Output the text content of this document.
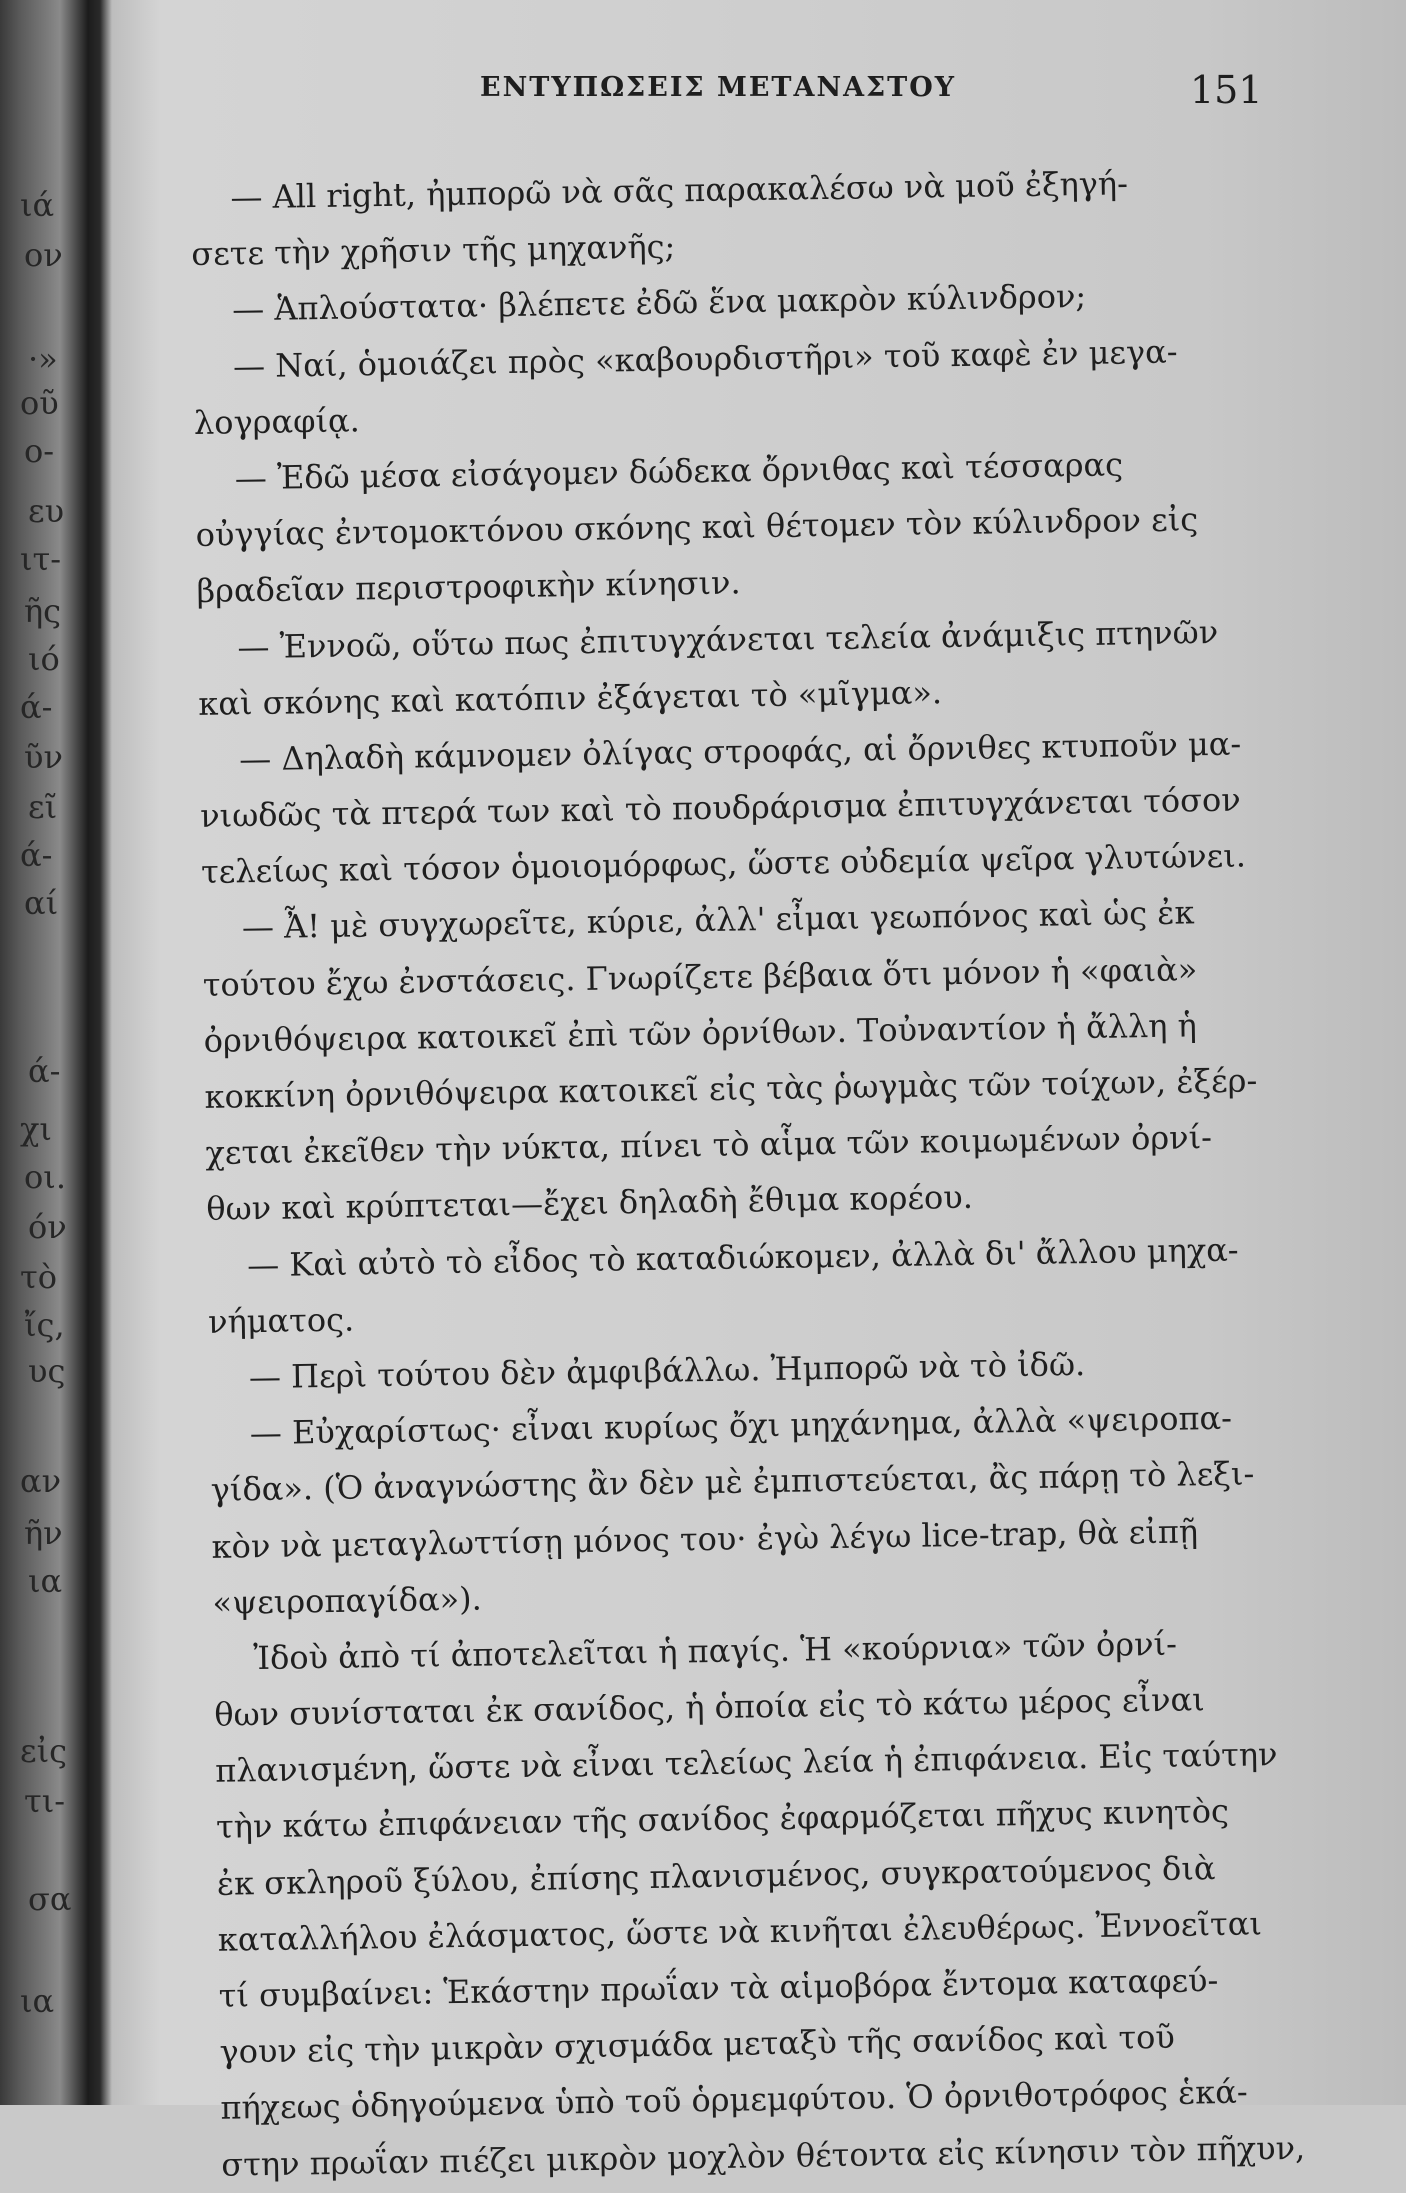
ιά
ον
·»
οῦ
ο-
ευ
ιτ-
ῆς
ιό
ά-
ῦν
εῖ
ά-
αί
ά-
χι
οι.
όν
τὸ
ἴς,
υς
αν
ῆν
ια
εἰς
τι-
σα
ια
ΕΝΤΥΠΩΣΕΙΣ ΜΕΤΑΝΑΣΤΟΥ	151
— All right, ἠμπορῶ νὰ σᾶς παρακαλέσω νὰ μοῦ ἐξηγή-
σετε τὴν χρῆσιν τῆς μηχανῆς;
— Ἁπλούστατα· βλέπετε ἐδῶ ἕνα μακρὸν κύλινδρον;
— Ναί, ὁμοιάζει πρὸς «καβουρδιστῆρι» τοῦ καφὲ ἐν μεγα-
λογραφίᾳ.
— Ἐδῶ μέσα εἰσάγομεν δώδεκα ὄρνιθας καὶ τέσσαρας
οὐγγίας ἐντομοκτόνου σκόνης καὶ θέτομεν τὸν κύλινδρον εἰς
βραδεῖαν περιστροφικὴν κίνησιν.
— Ἐννοῶ, οὕτω πως ἐπιτυγχάνεται τελεία ἀνάμιξις πτηνῶν
καὶ σκόνης καὶ κατόπιν ἐξάγεται τὸ «μῖγμα».
— Δηλαδὴ κάμνομεν ὀλίγας στροφάς, αἱ ὄρνιθες κτυποῦν μα-
νιωδῶς τὰ πτερά των καὶ τὸ πουδράρισμα ἐπιτυγχάνεται τόσον
τελείως καὶ τόσον ὁμοιομόρφως, ὥστε οὐδεμία ψεῖρα γλυτώνει.
— Ἆ! μὲ συγχωρεῖτε, κύριε, ἀλλ' εἶμαι γεωπόνος καὶ ὡς ἐκ
τούτου ἔχω ἐνστάσεις. Γνωρίζετε βέβαια ὅτι μόνον ἡ «φαιὰ»
ὀρνιθόψειρα κατοικεῖ ἐπὶ τῶν ὀρνίθων. Τοὐναντίον ἡ ἄλλη ἡ
κοκκίνη ὀρνιθόψειρα κατοικεῖ εἰς τὰς ῥωγμὰς τῶν τοίχων, ἐξέρ-
χεται ἐκεῖθεν τὴν νύκτα, πίνει τὸ αἷμα τῶν κοιμωμένων ὀρνί-
θων καὶ κρύπτεται—ἔχει δηλαδὴ ἔθιμα κορέου.
— Καὶ αὐτὸ τὸ εἶδος τὸ καταδιώκομεν, ἀλλὰ δι' ἄλλου μηχα-
νήματος.
— Περὶ τούτου δὲν ἀμφιβάλλω. Ἠμπορῶ νὰ τὸ ἰδῶ.
— Εὐχαρίστως· εἶναι κυρίως ὄχι μηχάνημα, ἀλλὰ «ψειροπα-
γίδα». (Ὁ ἀναγνώστης ἂν δὲν μὲ ἐμπιστεύεται, ἂς πάρῃ τὸ λεξι-
κὸν νὰ μεταγλωττίσῃ μόνος του· ἐγὼ λέγω lice-trap, θὰ εἰπῇ
«ψειροπαγίδα»).
Ἰδοὺ ἀπὸ τί ἀποτελεῖται ἡ παγίς. Ἡ «κούρνια» τῶν ὀρνί-
θων συνίσταται ἐκ σανίδος, ἡ ὁποία εἰς τὸ κάτω μέρος εἶναι
πλανισμένη, ὥστε νὰ εἶναι τελείως λεία ἡ ἐπιφάνεια. Εἰς ταύτην
τὴν κάτω ἐπιφάνειαν τῆς σανίδος ἐφαρμόζεται πῆχυς κινητὸς
ἐκ σκληροῦ ξύλου, ἐπίσης πλανισμένος, συγκρατούμενος διὰ
καταλλήλου ἐλάσματος, ὥστε νὰ κινῆται ἐλευθέρως. Ἐννοεῖται
τί συμβαίνει: Ἑκάστην πρωΐαν τὰ αἱμοβόρα ἔντομα καταφεύ-
γουν εἰς τὴν μικρὰν σχισμάδα μεταξὺ τῆς σανίδος καὶ τοῦ
πήχεως ὁδηγούμενα ὑπὸ τοῦ ὁρμεμφύτου. Ὁ ὀρνιθοτρόφος ἑκά-
στην πρωΐαν πιέζει μικρὸν μοχλὸν θέτοντα εἰς κίνησιν τὸν πῆχυν,
